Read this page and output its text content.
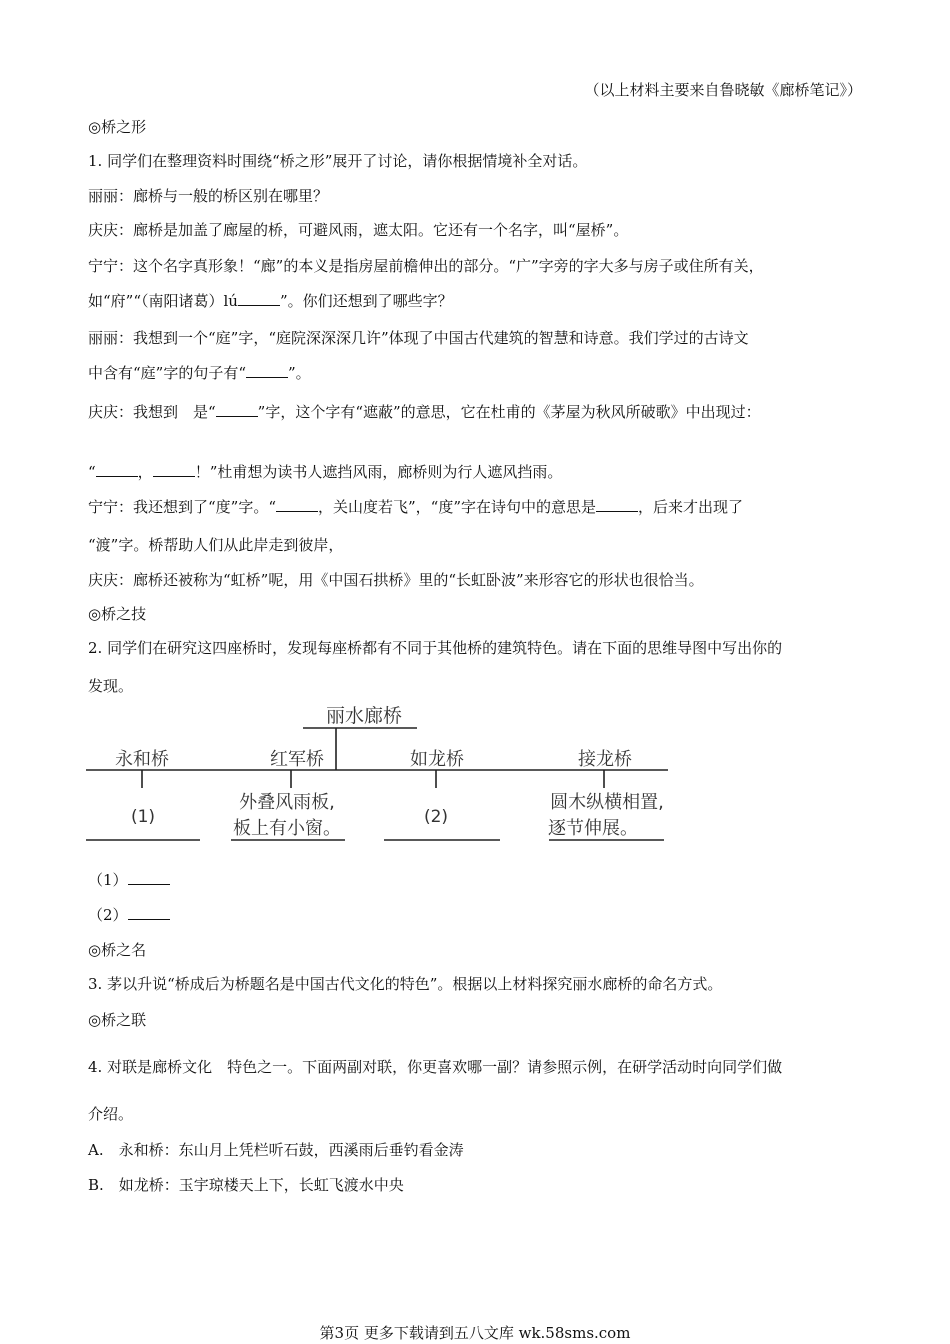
（以上材料主要来自鲁晓敏《廊桥笔记》）
◎桥之形
1. 同学们在整理资料时围绕“桥之形”展开了讨论，请你根据情境补全对话。
丽丽：廊桥与一般的桥区别在哪里？
庆庆：廊桥是加盖了廊屋的桥，可避风雨，遮太阳。它还有一个名字，叫“屋桥”。
宁宁：这个名字真形象！“廊”的本义是指房屋前檐伸出的部分。“广”字旁的字大多与房子或住所有关，
如“府”“（南阳诸葛）lú	”。你们还想到了哪些字？
丽丽：我想到一个“庭”字，“庭院深深深几许”体现了中国古代建筑的智慧和诗意。我们学过的古诗文
中含有“庭”字的句子有“	”。
庆庆：我想到　是“	”字，这个字有“遮蔽”的意思，它在杜甫的《茅屋为秋风所破歌》中出现过：
“	，	！”杜甫想为读书人遮挡风雨，廊桥则为行人遮风挡雨。
宁宁：我还想到了“度”字。“	，关山度若飞”，“度”字在诗句中的意思是	，后来才出现了
“渡”字。桥帮助人们从此岸走到彼岸，
庆庆：廊桥还被称为“虹桥”呢，用《中国石拱桥》里的“长虹卧波”来形容它的形状也很恰当。
◎桥之技
2. 同学们在研究这四座桥时，发现每座桥都有不同于其他桥的建筑特色。请在下面的思维导图中写出你的
发现。
丽水廊桥
永和桥	红军桥	如龙桥	接龙桥
(1)
外叠风雨板,
板上有小窗。
(2)
圆木纵横相置,
逐节伸展。
（1）
（2）
◎桥之名
3. 茅以升说“桥成后为桥题名是中国古代文化的特色”。根据以上材料探究丽水廊桥的命名方式。
◎桥之联
4. 对联是廊桥文化　特色之一。下面两副对联，你更喜欢哪一副？请参照示例，在研学活动时向同学们做
介绍。
A.　永和桥：东山月上凭栏听石鼓，西溪雨后垂钓看金涛
B.　如龙桥：玉宇琼楼天上下，长虹飞渡水中央
第3页 更多下载请到五八文库 wk.58sms.com
